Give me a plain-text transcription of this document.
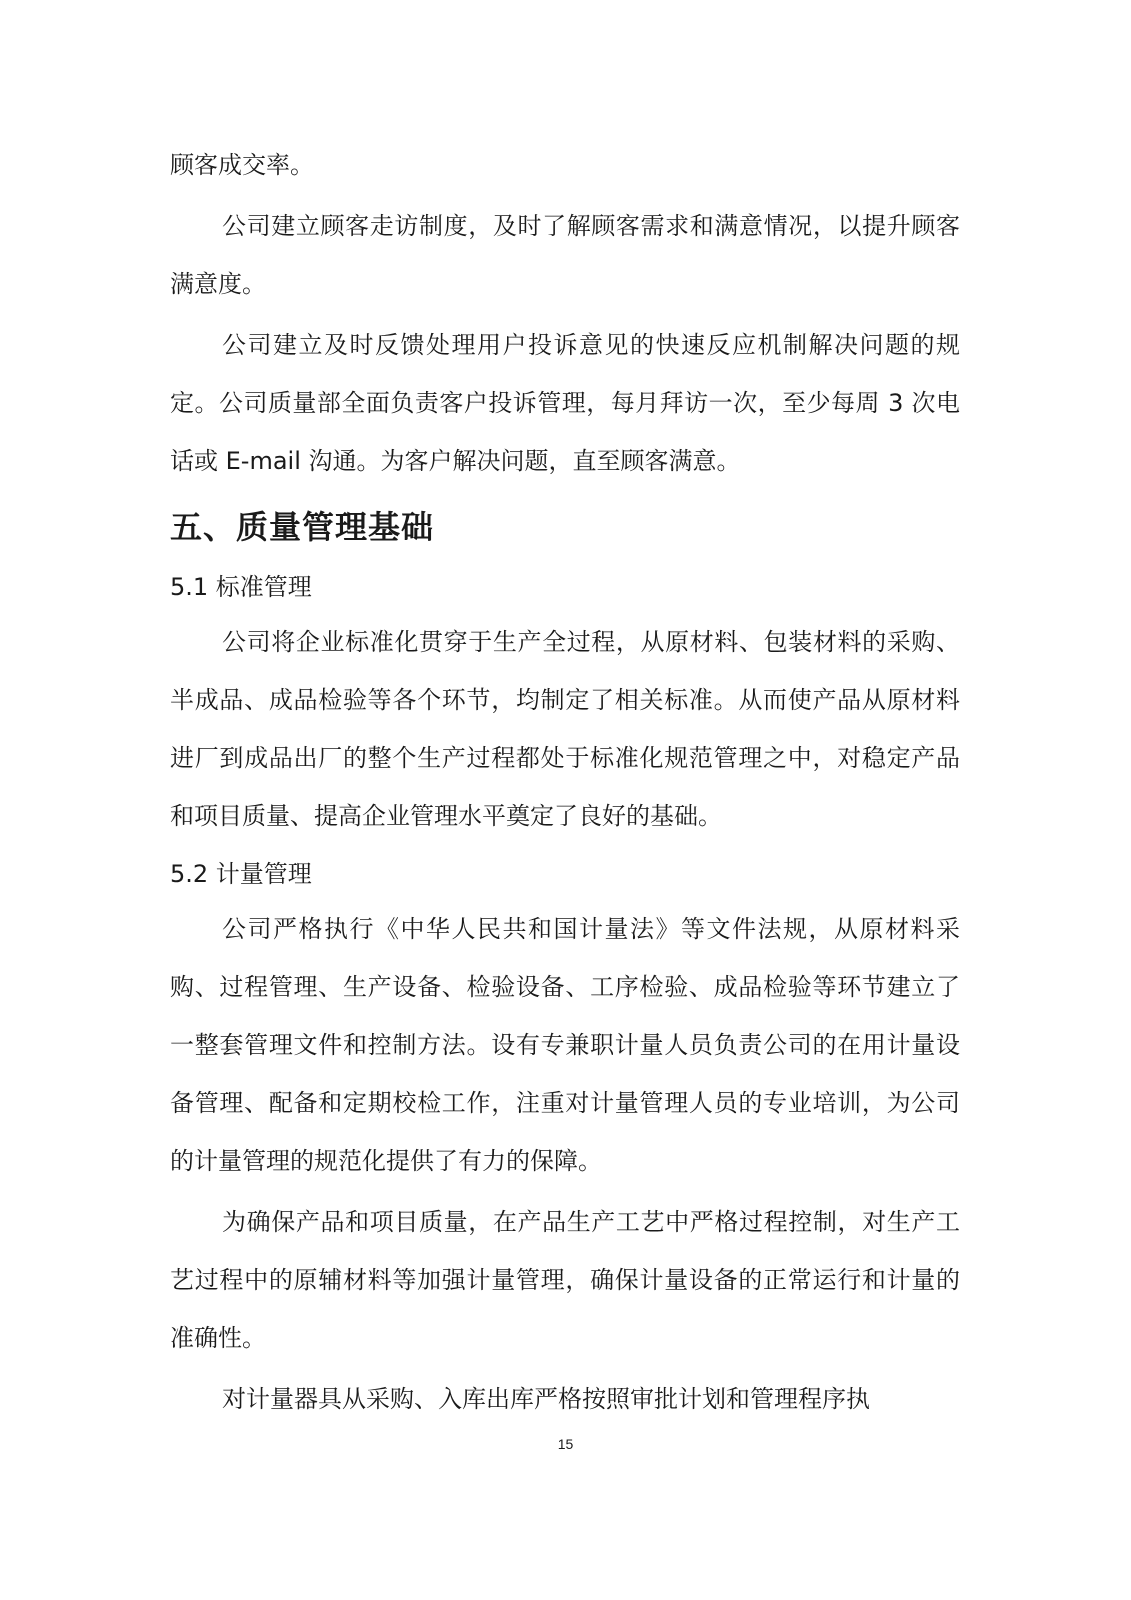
顾客成交率。

公司建立顾客走访制度，及时了解顾客需求和满意情况，以提升顾客满意度。

公司建立及时反馈处理用户投诉意见的快速反应机制解决问题的规定。公司质量部全面负责客户投诉管理，每月拜访一次，至少每周 3 次电话或 E-mail 沟通。为客户解决问题，直至顾客满意。

五、质量管理基础
5.1 标准管理

公司将企业标准化贯穿于生产全过程，从原材料、包装材料的采购、半成品、成品检验等各个环节，均制定了相关标准。从而使产品从原材料进厂到成品出厂的整个生产过程都处于标准化规范管理之中，对稳定产品和项目质量、提高企业管理水平奠定了良好的基础。

5.2 计量管理

公司严格执行《中华人民共和国计量法》等文件法规，从原材料采购、过程管理、生产设备、检验设备、工序检验、成品检验等环节建立了一整套管理文件和控制方法。设有专兼职计量人员负责公司的在用计量设备管理、配备和定期校检工作，注重对计量管理人员的专业培训，为公司的计量管理的规范化提供了有力的保障。

为确保产品和项目质量，在产品生产工艺中严格过程控制，对生产工艺过程中的原辅材料等加强计量管理，确保计量设备的正常运行和计量的准确性。

对计量器具从采购、入库出库严格按照审批计划和管理程序执

15
